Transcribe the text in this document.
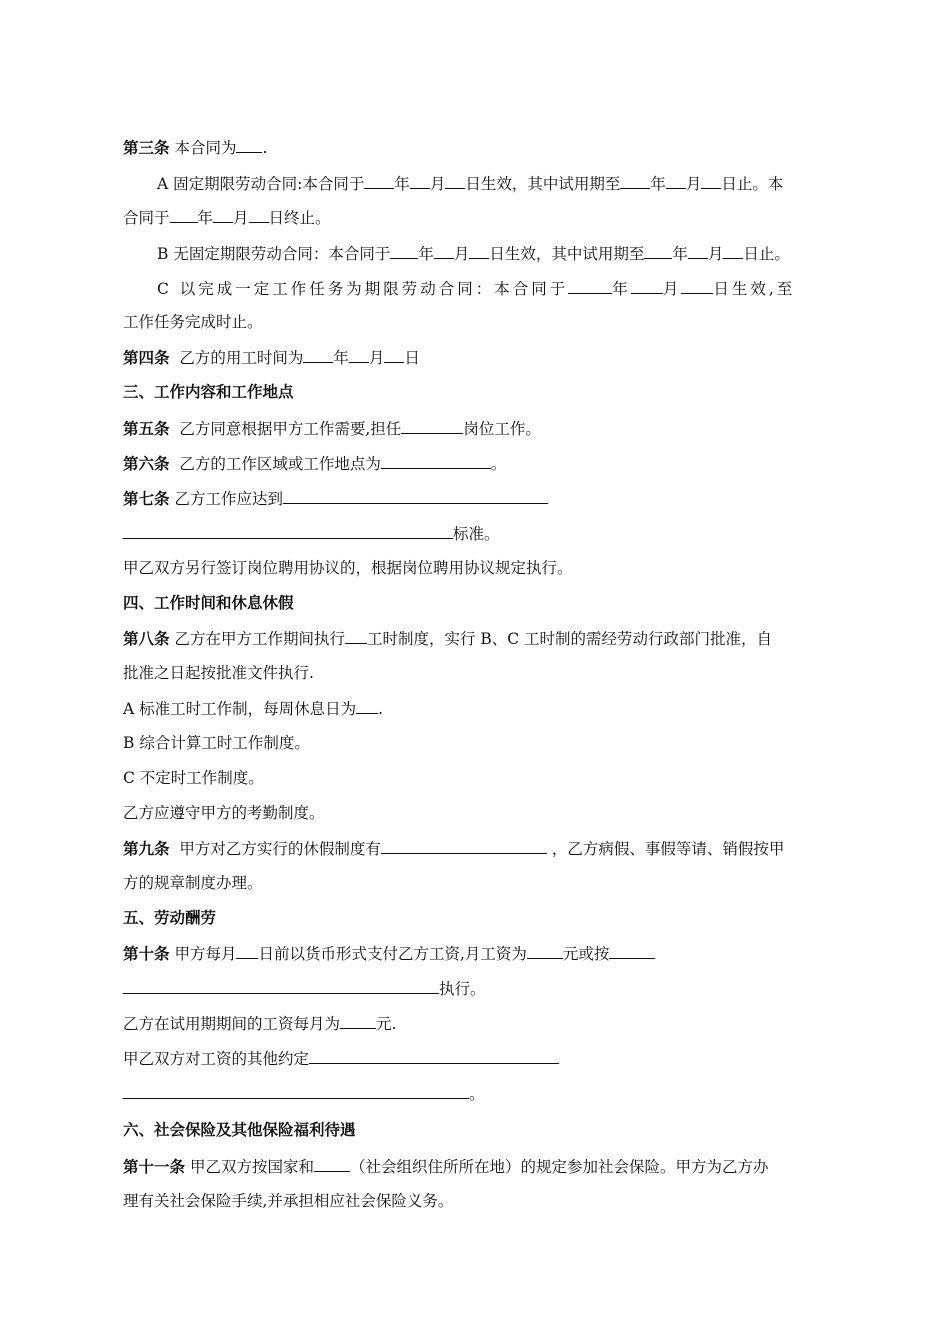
第三条 本合同为 .
A 固定期限劳动合同:本合同于 年 月 日生效，其中试用期至 年 月 日止。本
合同于 年 月 日终止。
B 无固定期限劳动合同：本合同于 年 月 日生效，其中试用期至 年 月 日止。
C 以完成一定工作任务为期限劳动合同：本合同于	年 月 日生效,至
工作任务完成时止。
第四条 乙方的用工时间为 年 月 日
三、工作内容和工作地点
第五条 乙方同意根据甲方工作需要,担任	岗位工作。
第六条 乙方的工作区域或工作地点为	。
第七条 乙方工作应达到
标准。
甲乙双方另行签订岗位聘用协议的，根据岗位聘用协议规定执行。
四、工作时间和休息休假
第八条 乙方在甲方工作期间执行 工时制度，实行 B、C 工时制的需经劳动行政部门批准，自
批准之日起按批准文件执行.
A 标准工时工作制，每周休息日为 .
B 综合计算工时工作制度。
C 不定时工作制度。
乙方应遵守甲方的考勤制度。
第九条 甲方对乙方实行的休假制度有	，乙方病假、事假等请、销假按甲
方的规章制度办理。
五、劳动酬劳
第十条 甲方每月 日前以货币形式支付乙方工资,月工资为 元或按
执行。
乙方在试用期期间的工资每月为 元.
甲乙双方对工资的其他约定
。
六、社会保险及其他保险福利待遇
第十一条 甲乙双方按国家和 （社会组织住所所在地）的规定参加社会保险。甲方为乙方办
理有关社会保险手续,并承担相应社会保险义务。
